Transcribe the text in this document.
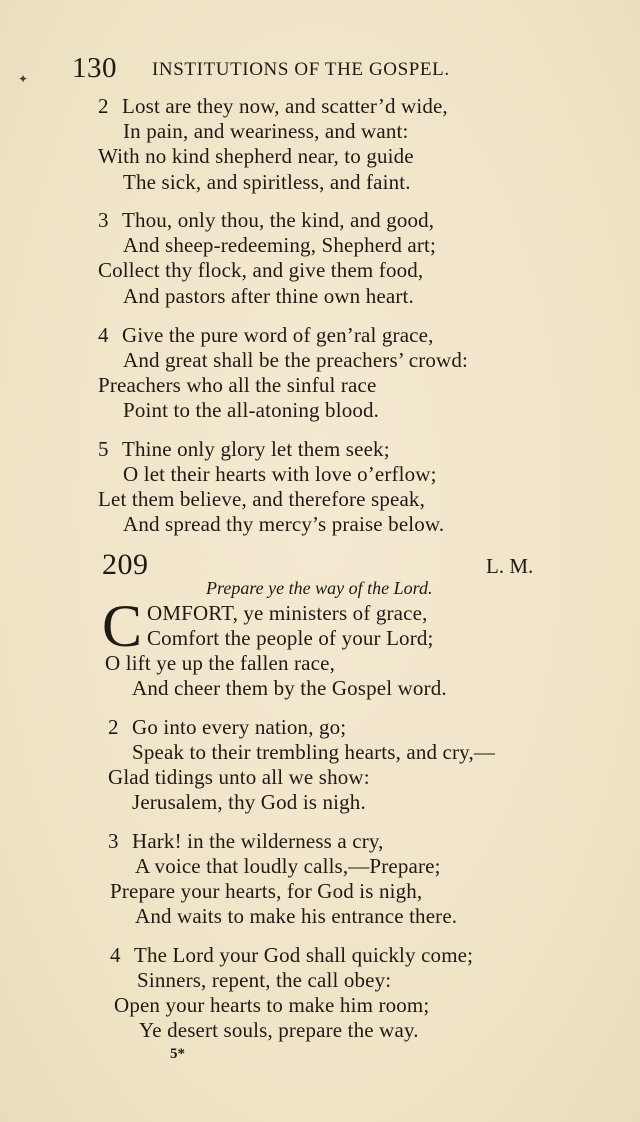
✦ 130 INSTITUTIONS OF THE GOSPEL.
2 Lost are they now, and scatter’d wide,
In pain, and weariness, and want:
With no kind shepherd near, to guide
The sick, and spiritless, and faint.
3 Thou, only thou, the kind, and good,
And sheep-redeeming, Shepherd art;
Collect thy flock, and give them food,
And pastors after thine own heart.
4 Give the pure word of gen’ral grace,
And great shall be the preachers’ crowd:
Preachers who all the sinful race
Point to the all-atoning blood.
5 Thine only glory let them seek;
O let their hearts with love o’erflow;
Let them believe, and therefore speak,
And spread thy mercy’s praise below.
209	L. M.
Prepare ye the way of the Lord.
C OMFORT, ye ministers of grace,
Comfort the people of your Lord;
O lift ye up the fallen race,
And cheer them by the Gospel word.
2 Go into every nation, go;
Speak to their trembling hearts, and cry,—
Glad tidings unto all we show:
Jerusalem, thy God is nigh.
3 Hark! in the wilderness a cry,
A voice that loudly calls,—Prepare;
Prepare your hearts, for God is nigh,
And waits to make his entrance there.
4 The Lord your God shall quickly come;
Sinners, repent, the call obey:
Open your hearts to make him room;
Ye desert souls, prepare the way.
5*
